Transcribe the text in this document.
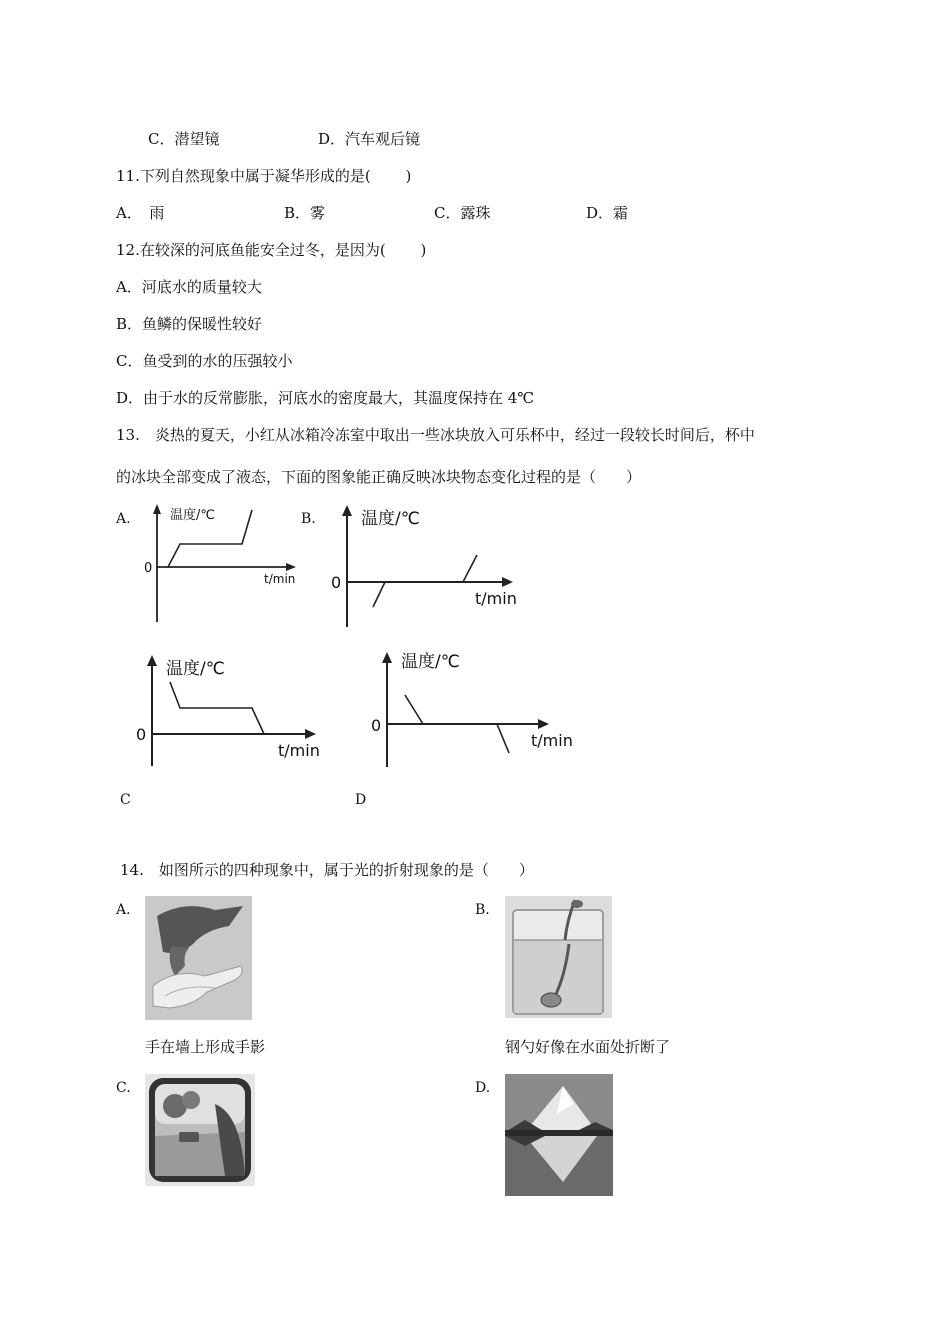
C．潜望镜	D．汽车观后镜
11.下列自然现象中属于凝华形成的是(　　 )
A．　雨	B．雾	C．露珠	D．霜
12.在较深的河底鱼能安全过冬，是因为(　　 )
A．河底水的质量较大
B．鱼鳞的保暖性较好
C．鱼受到的水的压强较小
D．由于水的反常膨胀，河底水的密度最大，其温度保持在 4℃
13.　炎热的夏天，小红从冰箱冷冻室中取出一些冰块放入可乐杯中，经过一段较长时间后，杯中
的冰块全部变成了液态，下面的图象能正确反映冰块物态变化过程的是（　　）
A.	温度/℃
0
t/min
B.	温度/℃
0
t/min
温度/℃
0
t/min
C
温度/℃
0
t/min
D
14.　如图所示的四种现象中，属于光的折射现象的是（　　）
A.
手在墙上形成手影
B.
钢勺好像在水面处折断了
C.	D.
